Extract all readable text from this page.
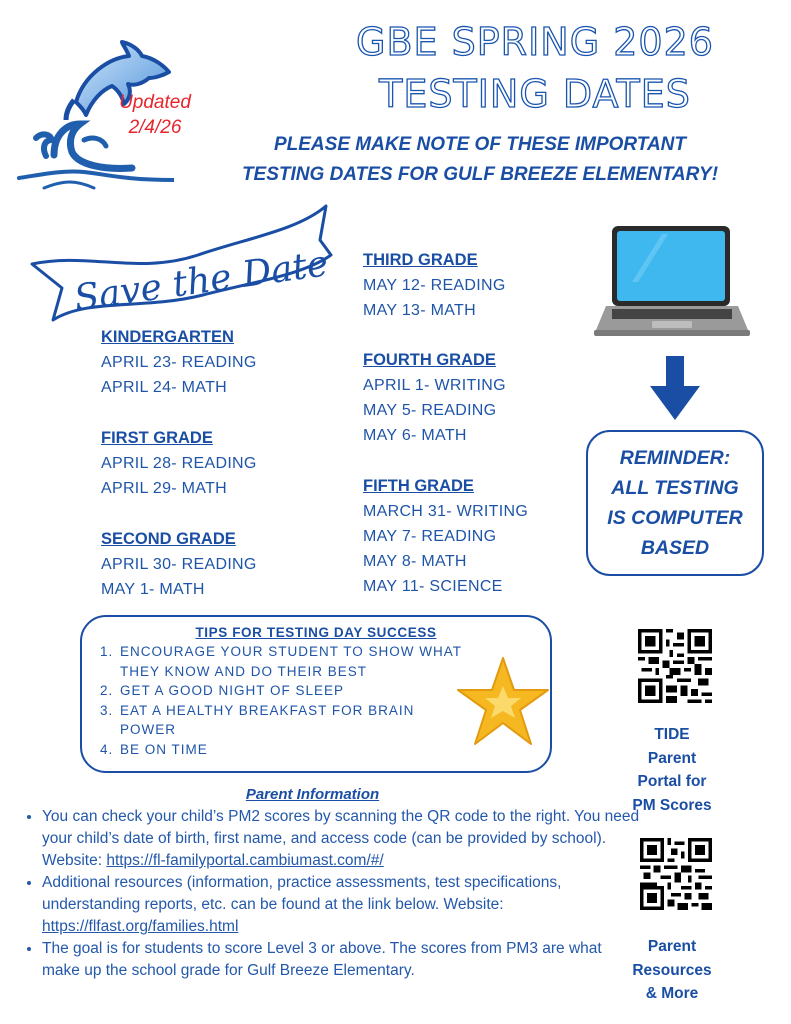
Updated
2/4/26
GBE SPRING 2026
TESTING DATES
PLEASE MAKE NOTE OF THESE IMPORTANT
TESTING DATES FOR GULF BREEZE ELEMENTARY!
Save the Date
KINDERGARTEN
APRIL 23- READING
APRIL 24- MATH
FIRST GRADE
APRIL 28- READING
APRIL 29- MATH
SECOND GRADE
APRIL 30- READING
MAY 1- MATH
THIRD GRADE
MAY 12- READING
MAY 13- MATH
FOURTH GRADE
APRIL 1- WRITING
MAY 5- READING
MAY 6- MATH
FIFTH GRADE
MARCH 31- WRITING
MAY 7- READING
MAY 8- MATH
MAY 11- SCIENCE
REMINDER:
ALL TESTING
IS COMPUTER
BASED
TIPS FOR TESTING DAY SUCCESS
1. ENCOURAGE YOUR STUDENT TO SHOW WHAT THEY KNOW AND DO THEIR BEST
2. GET A GOOD NIGHT OF SLEEP
3. EAT A HEALTHY BREAKFAST FOR BRAIN POWER
4. BE ON TIME
Parent Information
• You can check your child’s PM2 scores by scanning the QR code to the right. You need your child’s date of birth, first name, and access code (can be provided by school). Website: https://fl-familyportal.cambiumast.com/#/
• Additional resources (information, practice assessments, test specifications, understanding reports, etc. can be found at the link below. Website: https://flfast.org/families.html
• The goal is for students to score Level 3 or above. The scores from PM3 are what make up the school grade for Gulf Breeze Elementary.
TIDE
Parent
Portal for
PM Scores
Parent
Resources
& More
